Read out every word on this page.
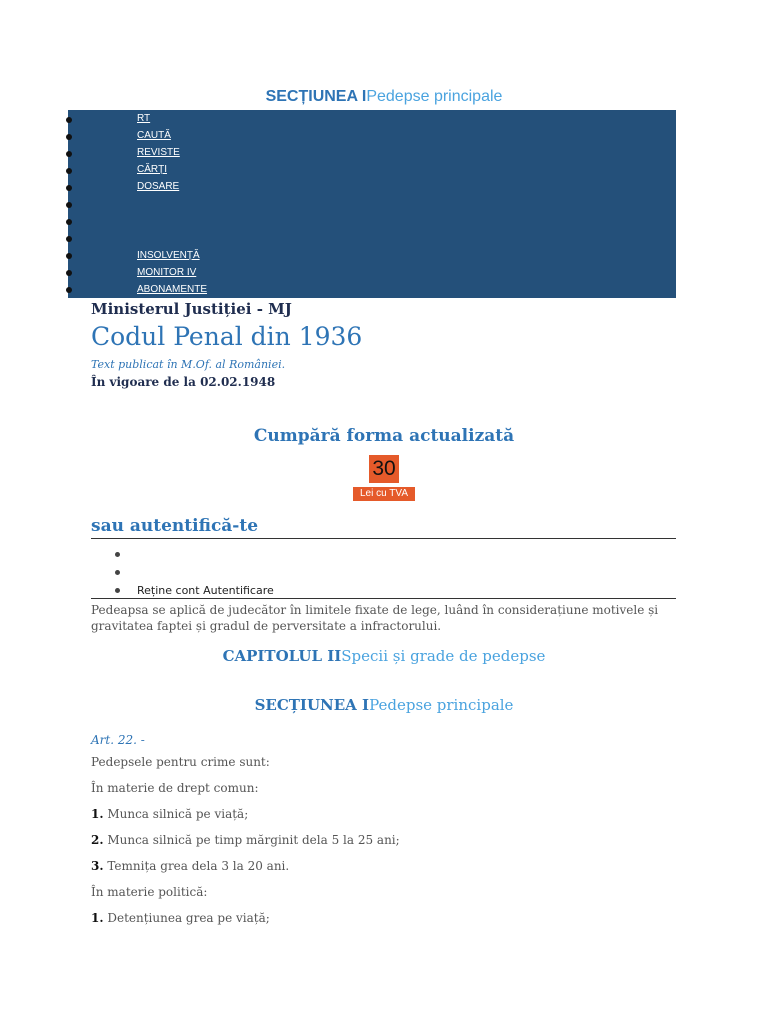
SECȚIUNEA IPedepse principale
RT
CAUTĂ
REVISTE
CĂRȚI
DOSARE
INSOLVENȚĂ
MONITOR IV
ABONAMENTE
Ministerul Justiției - MJ
Codul Penal din 1936
Text publicat în M.Of. al României.
În vigoare de la 02.02.1948
Cumpără forma actualizată
30
Lei cu TVA
sau autentifică-te
Reține cont Autentificare
Pedeapsa se aplică de judecător în limitele fixate de lege, luând în considerațiune motivele și gravitatea faptei și gradul de perversitate a infractorului.
CAPITOLUL IISpecii și grade de pedepse
SECȚIUNEA IPedepse principale
Art. 22. -
Pedepsele pentru crime sunt:
În materie de drept comun:
1. Munca silnică pe viață;
2. Munca silnică pe timp mărginit dela 5 la 25 ani;
3. Temnița grea dela 3 la 20 ani.
În materie politică:
1. Detențiunea grea pe viață;
